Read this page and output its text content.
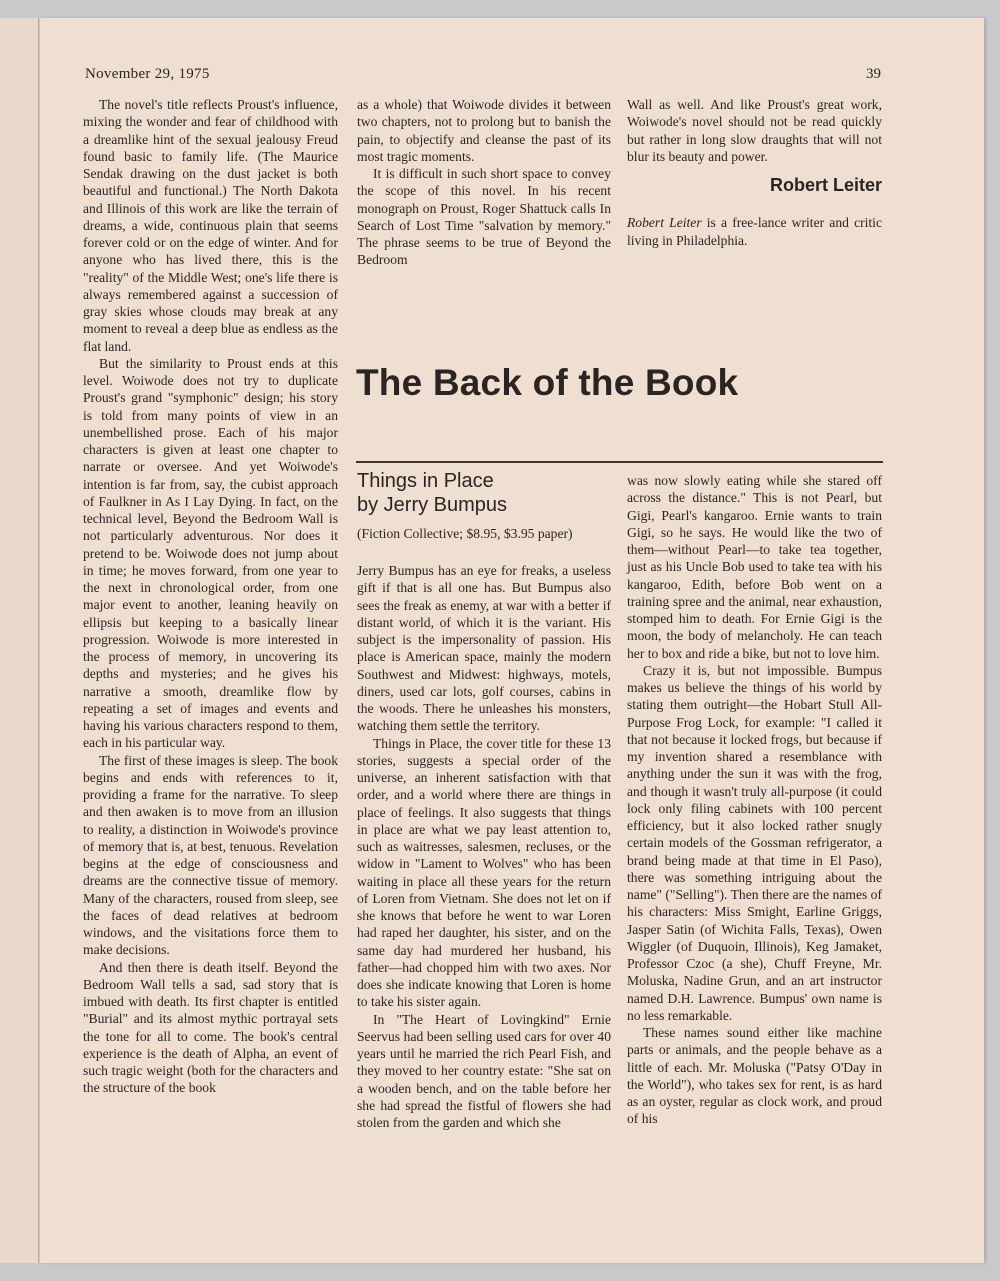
November 29, 1975	39

The novel's title reflects Proust's influence, mixing the wonder and fear of childhood with a dreamlike hint of the sexual jealousy Freud found basic to family life. (The Maurice Sendak drawing on the dust jacket is both beautiful and functional.) The North Dakota and Illinois of this work are like the terrain of dreams, a wide, continuous plain that seems forever cold or on the edge of winter. And for anyone who has lived there, this is the "reality" of the Middle West; one's life there is always remembered against a succession of gray skies whose clouds may break at any moment to reveal a deep blue as endless as the flat land.

But the similarity to Proust ends at this level. Woiwode does not try to duplicate Proust's grand "symphonic" design; his story is told from many points of view in an unembellished prose. Each of his major characters is given at least one chapter to narrate or oversee. And yet Woiwode's intention is far from, say, the cubist approach of Faulkner in As I Lay Dying. In fact, on the technical level, Beyond the Bedroom Wall is not particularly adventurous. Nor does it pretend to be. Woiwode does not jump about in time; he moves forward, from one year to the next in chronological order, from one major event to another, leaning heavily on ellipsis but keeping to a basically linear progression. Woiwode is more interested in the process of memory, in uncovering its depths and mysteries; and he gives his narrative a smooth, dreamlike flow by repeating a set of images and events and having his various characters respond to them, each in his particular way.

The first of these images is sleep. The book begins and ends with references to it, providing a frame for the narrative. To sleep and then awaken is to move from an illusion to reality, a distinction in Woiwode's province of memory that is, at best, tenuous. Revelation begins at the edge of consciousness and dreams are the connective tissue of memory. Many of the characters, roused from sleep, see the faces of dead relatives at bedroom windows, and the visitations force them to make decisions.

And then there is death itself. Beyond the Bedroom Wall tells a sad, sad story that is imbued with death. Its first chapter is entitled "Burial" and its almost mythic portrayal sets the tone for all to come. The book's central experience is the death of Alpha, an event of such tragic weight (both for the characters and the structure of the book

as a whole) that Woiwode divides it between two chapters, not to prolong but to banish the pain, to objectify and cleanse the past of its most tragic moments.

It is difficult in such short space to convey the scope of this novel. In his recent monograph on Proust, Roger Shattuck calls In Search of Lost Time "salvation by memory." The phrase seems to be true of Beyond the Bedroom

Wall as well. And like Proust's great work, Woiwode's novel should not be read quickly but rather in long slow draughts that will not blur its beauty and power.

Robert Leiter
Robert Leiter is a free-lance writer and critic living in Philadelphia.
The Back of the Book
Things in Place
by Jerry Bumpus
(Fiction Collective; $8.95, $3.95 paper)

Jerry Bumpus has an eye for freaks, a useless gift if that is all one has. But Bumpus also sees the freak as enemy, at war with a better if distant world, of which it is the variant. His subject is the impersonality of passion. His place is American space, mainly the modern Southwest and Midwest: highways, motels, diners, used car lots, golf courses, cabins in the woods. There he unleashes his monsters, watching them settle the territory.

Things in Place, the cover title for these 13 stories, suggests a special order of the universe, an inherent satisfaction with that order, and a world where there are things in place of feelings. It also suggests that things in place are what we pay least attention to, such as waitresses, salesmen, recluses, or the widow in "Lament to Wolves" who has been waiting in place all these years for the return of Loren from Vietnam. She does not let on if she knows that before he went to war Loren had raped her daughter, his sister, and on the same day had murdered her husband, his father—had chopped him with two axes. Nor does she indicate knowing that Loren is home to take his sister again.

In "The Heart of Lovingkind" Ernie Seervus had been selling used cars for over 40 years until he married the rich Pearl Fish, and they moved to her country estate: "She sat on a wooden bench, and on the table before her she had spread the fistful of flowers she had stolen from the garden and which she

was now slowly eating while she stared off across the distance." This is not Pearl, but Gigi, Pearl's kangaroo. Ernie wants to train Gigi, so he says. He would like the two of them—without Pearl—to take tea together, just as his Uncle Bob used to take tea with his kangaroo, Edith, before Bob went on a training spree and the animal, near exhaustion, stomped him to death. For Ernie Gigi is the moon, the body of melancholy. He can teach her to box and ride a bike, but not to love him.

Crazy it is, but not impossible. Bumpus makes us believe the things of his world by stating them outright—the Hobart Stull All-Purpose Frog Lock, for example: "I called it that not because it locked frogs, but because if my invention shared a resemblance with anything under the sun it was with the frog, and though it wasn't truly all-purpose (it could lock only filing cabinets with 100 percent efficiency, but it also locked rather snugly certain models of the Gossman refrigerator, a brand being made at that time in El Paso), there was something intriguing about the name" ("Selling"). Then there are the names of his characters: Miss Smight, Earline Griggs, Jasper Satin (of Wichita Falls, Texas), Owen Wiggler (of Duquoin, Illinois), Keg Jamaket, Professor Czoc (a she), Chuff Freyne, Mr. Moluska, Nadine Grun, and an art instructor named D.H. Lawrence. Bumpus' own name is no less remarkable.

These names sound either like machine parts or animals, and the people behave as a little of each. Mr. Moluska ("Patsy O'Day in the World"), who takes sex for rent, is as hard as an oyster, regular as clock work, and proud of his
